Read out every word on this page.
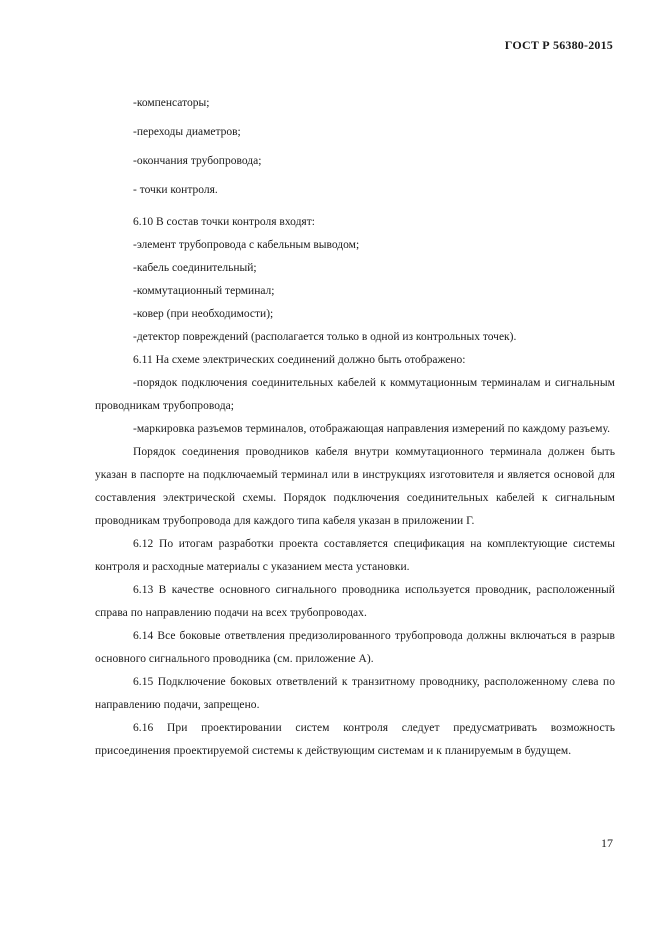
ГОСТ Р 56380-2015

-компенсаторы;

-переходы диаметров;

-окончания трубопровода;

- точки контроля.

6.10 В состав точки контроля входят:

-элемент трубопровода с кабельным выводом;

-кабель соединительный;

-коммутационный терминал;

-ковер (при необходимости);

-детектор повреждений (располагается только в одной из контрольных точек).

6.11 На схеме электрических соединений должно быть отображено:

-порядок подключения соединительных кабелей к коммутационным терминалам и сигнальным проводникам трубопровода;

-маркировка разъемов терминалов, отображающая направления измерений по каждому разъему.

Порядок соединения проводников кабеля внутри коммутационного терминала должен быть указан в паспорте на подключаемый терминал или в инструкциях изготовителя и является основой для составления электрической схемы. Порядок подключения соединительных кабелей к сигнальным проводникам трубопровода для каждого типа кабеля указан в приложении Г.

6.12 По итогам разработки проекта составляется спецификация на комплектующие системы контроля и расходные материалы с указанием места установки.

6.13 В качестве основного сигнального проводника используется проводник, расположенный справа по направлению подачи на всех трубопроводах.

6.14 Все боковые ответвления предизолированного трубопровода должны включаться в разрыв основного сигнального проводника (см. приложение А).

6.15 Подключение боковых ответвлений к транзитному проводнику, расположенному слева по направлению подачи, запрещено.

6.16 При проектировании систем контроля следует предусматривать возможность присоединения проектируемой системы к действующим системам и к планируемым в будущем.

17
